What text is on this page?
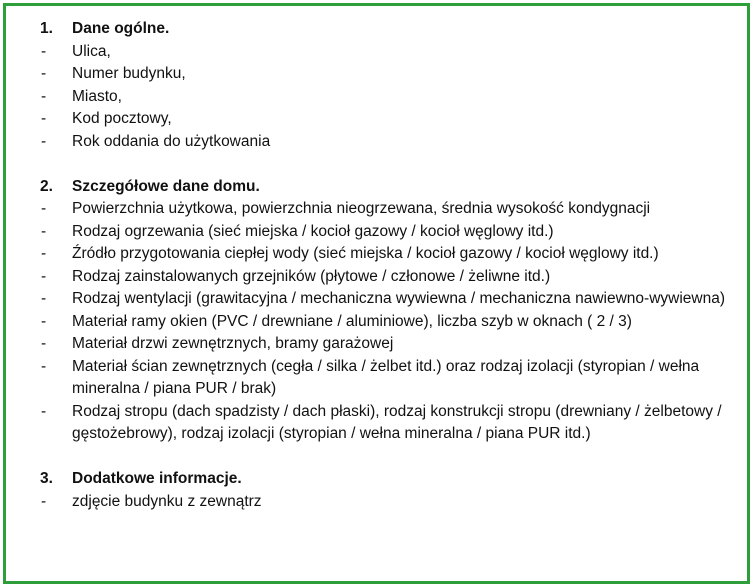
1.	Dane ogólne.
- Ulica,
- Numer budynku,
- Miasto,
- Kod pocztowy,
- Rok oddania do użytkowania
2.	Szczegółowe dane domu.
- Powierzchnia użytkowa, powierzchnia nieogrzewana, średnia wysokość kondygnacji
- Rodzaj ogrzewania (sieć miejska / kocioł gazowy / kocioł węglowy itd.)
- Źródło przygotowania ciepłej wody (sieć miejska / kocioł gazowy / kocioł węglowy itd.)
- Rodzaj zainstalowanych grzejników (płytowe / członowe / żeliwne itd.)
- Rodzaj wentylacji (grawitacyjna / mechaniczna wywiewna / mechaniczna nawiewno-wywiewna)
- Materiał ramy okien (PVC / drewniane / aluminiowe), liczba szyb w oknach ( 2 / 3)
- Materiał drzwi zewnętrznych, bramy garażowej
- Materiał ścian zewnętrznych (cegła / silka / żelbet itd.) oraz rodzaj izolacji (styropian / wełna mineralna / piana PUR / brak)
- Rodzaj stropu (dach spadzisty / dach płaski), rodzaj konstrukcji stropu (drewniany / żelbetowy / gęstożebrowy), rodzaj izolacji (styropian / wełna mineralna / piana PUR itd.)
3.	Dodatkowe informacje.
- zdjęcie budynku z zewnątrz
